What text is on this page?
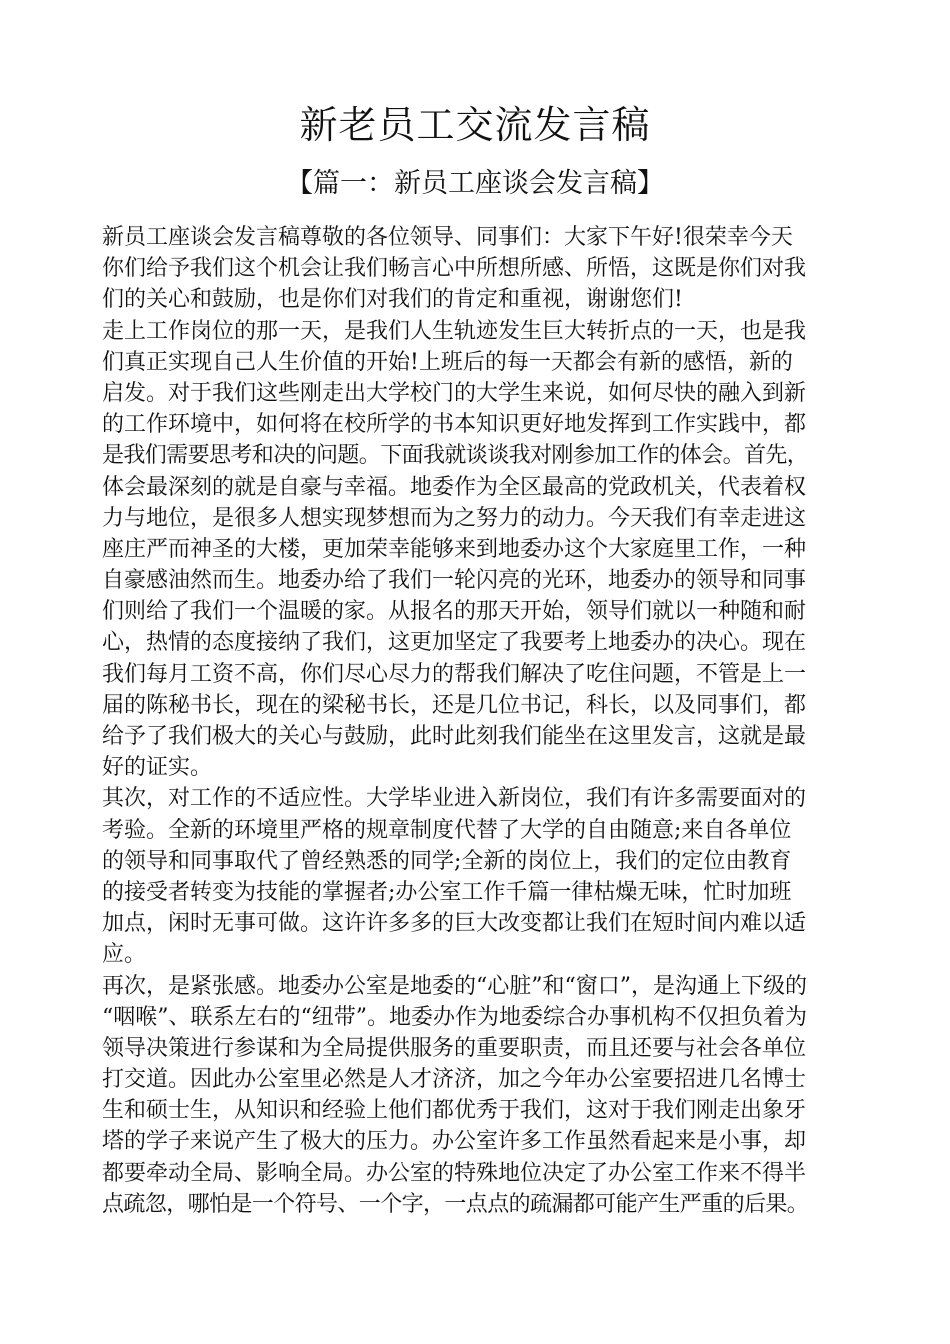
新老员工交流发言稿
【篇一：新员工座谈会发言稿】
新员工座谈会发言稿尊敬的各位领导、同事们：大家下午好!很荣幸今天
你们给予我们这个机会让我们畅言心中所想所感、所悟，这既是你们对我
们的关心和鼓励，也是你们对我们的肯定和重视，谢谢您们!
走上工作岗位的那一天，是我们人生轨迹发生巨大转折点的一天，也是我
们真正实现自己人生价值的开始!上班后的每一天都会有新的感悟，新的
启发。对于我们这些刚走出大学校门的大学生来说，如何尽快的融入到新
的工作环境中，如何将在校所学的书本知识更好地发挥到工作实践中，都
是我们需要思考和决的问题。下面我就谈谈我对刚参加工作的体会。首先，
体会最深刻的就是自豪与幸福。地委作为全区最高的党政机关，代表着权
力与地位，是很多人想实现梦想而为之努力的动力。今天我们有幸走进这
座庄严而神圣的大楼，更加荣幸能够来到地委办这个大家庭里工作，一种
自豪感油然而生。地委办给了我们一轮闪亮的光环，地委办的领导和同事
们则给了我们一个温暖的家。从报名的那天开始，领导们就以一种随和耐
心，热情的态度接纳了我们，这更加坚定了我要考上地委办的决心。现在
我们每月工资不高，你们尽心尽力的帮我们解决了吃住问题，不管是上一
届的陈秘书长，现在的梁秘书长，还是几位书记，科长，以及同事们，都
给予了我们极大的关心与鼓励，此时此刻我们能坐在这里发言，这就是最
好的证实。
其次，对工作的不适应性。大学毕业进入新岗位，我们有许多需要面对的
考验。全新的环境里严格的规章制度代替了大学的自由随意;来自各单位
的领导和同事取代了曾经熟悉的同学;全新的岗位上，我们的定位由教育
的接受者转变为技能的掌握者;办公室工作千篇一律枯燥无味，忙时加班
加点，闲时无事可做。这许许多多的巨大改变都让我们在短时间内难以适
应。
再次，是紧张感。地委办公室是地委的“心脏”和“窗口”，是沟通上下级的
“咽喉”、联系左右的“纽带”。地委办作为地委综合办事机构不仅担负着为
领导决策进行参谋和为全局提供服务的重要职责，而且还要与社会各单位
打交道。因此办公室里必然是人才济济，加之今年办公室要招进几名博士
生和硕士生，从知识和经验上他们都优秀于我们，这对于我们刚走出象牙
塔的学子来说产生了极大的压力。办公室许多工作虽然看起来是小事，却
都要牵动全局、影响全局。办公室的特殊地位决定了办公室工作来不得半
点疏忽，哪怕是一个符号、一个字，一点点的疏漏都可能产生严重的后果。
